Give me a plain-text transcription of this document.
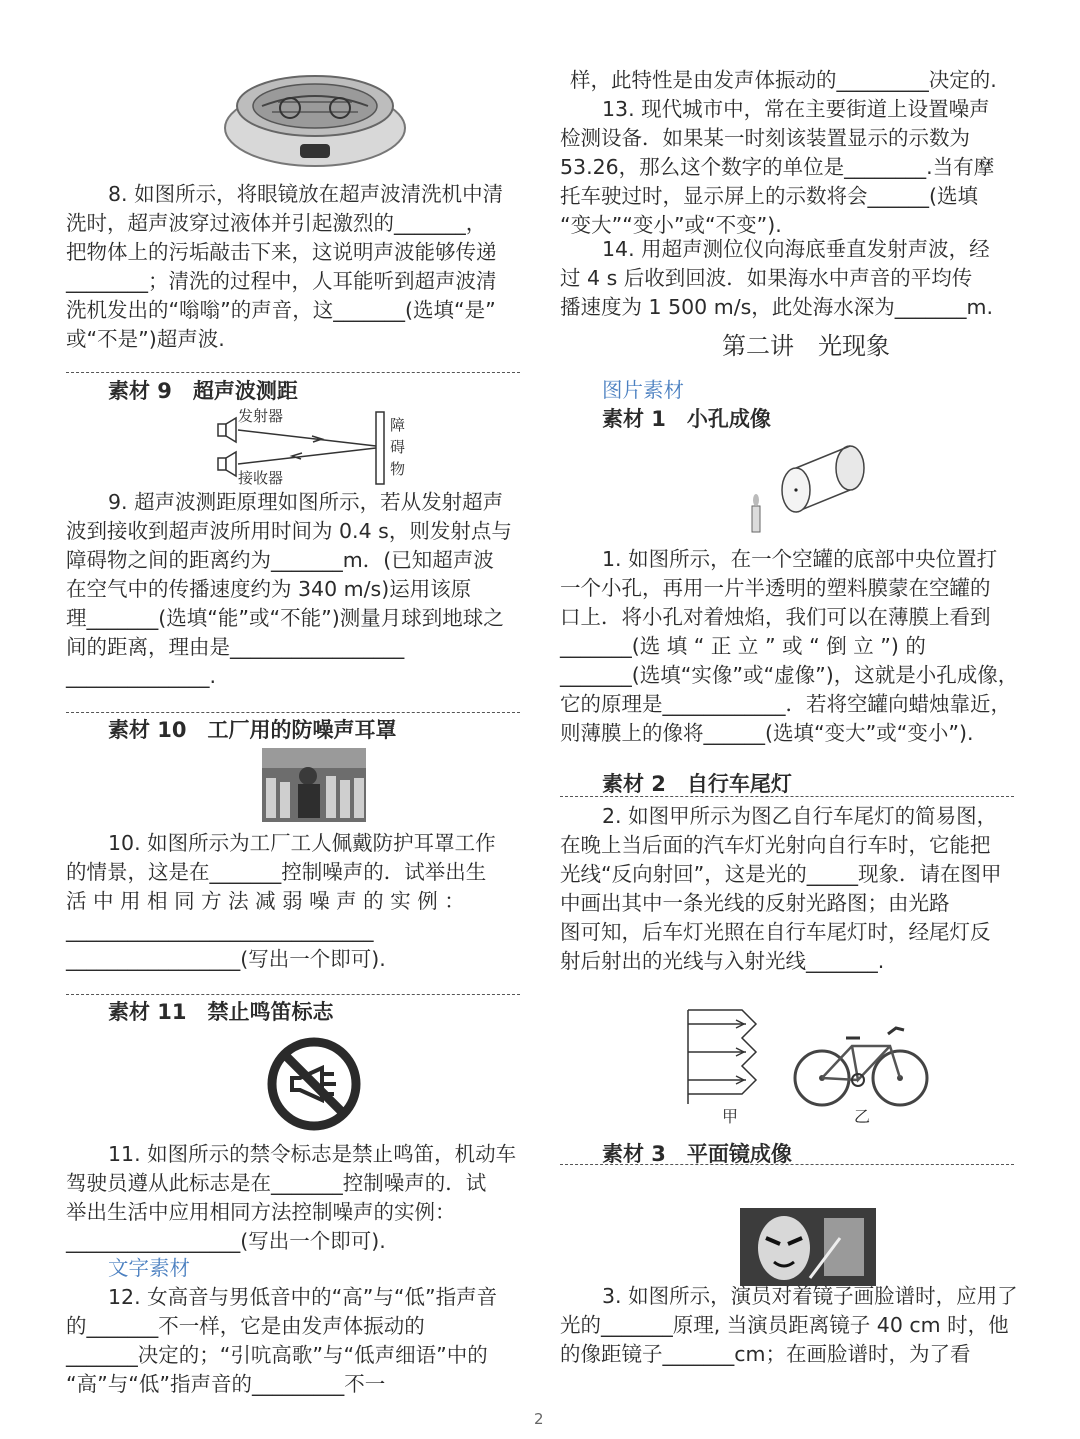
8. 如图所示，将眼镜放在超声波清洗机中清
洗时，超声波穿过液体并引起激烈的_______，
把物体上的污垢敲击下来，这说明声波能够传递
________；清洗的过程中，人耳能听到超声波清
洗机发出的“嗡嗡”的声音，这_______(选填“是”
或“不是”)超声波.
素材 9　超声波测距
发射器
接收器
障
碍
物
9. 超声波测距原理如图所示，若从发射超声
波到接收到超声波所用时间为 0.4 s，则发射点与
障碍物之间的距离约为_______m．(已知超声波
在空气中的传播速度约为 340 m/s)运用该原
理_______(选填“能”或“不能”)测量月球到地球之
间的距离，理由是_________________
______________.
素材 10　工厂用的防噪声耳罩
10. 如图所示为工厂工人佩戴防护耳罩工作
的情景，这是在_______控制噪声的．试举出生
活 中 用 相 同 方 法 减 弱 噪 声 的 实 例 ：
______________________________
_________________(写出一个即可).
素材 11　禁止鸣笛标志
11. 如图所示的禁令标志是禁止鸣笛，机动车
驾驶员遵从此标志是在_______控制噪声的．试
举出生活中应用相同方法控制噪声的实例：
_________________(写出一个即可).
文字素材
12. 女高音与男低音中的“高”与“低”指声音
的_______不一样，它是由发声体振动的
_______决定的；“引吭高歌”与“低声细语”中的
“高”与“低”指声音的_________不一
样，此特性是由发声体振动的_________决定的.
13. 现代城市中，常在主要街道上设置噪声
检测设备．如果某一时刻该装置显示的示数为
53.26，那么这个数字的单位是________.当有摩
托车驶过时，显示屏上的示数将会______(选填
“变大”“变小”或“不变”).
14. 用超声测位仪向海底垂直发射声波，经
过 4 s 后收到回波．如果海水中声音的平均传
播速度为 1 500 m/s，此处海水深为_______m.
第二讲　光现象
图片素材
素材 1　小孔成像
1. 如图所示，在一个空罐的底部中央位置打
一个小孔，再用一片半透明的塑料膜蒙在空罐的
口上．将小孔对着烛焰，我们可以在薄膜上看到
_______(选 填 “ 正 立 ” 或 “ 倒 立 ”) 的
_______(选填“实像”或“虚像”)，这就是小孔成像，
它的原理是____________．若将空罐向蜡烛靠近，
则薄膜上的像将______(选填“变大”或“变小”).
素材 2　自行车尾灯
2. 如图甲所示为图乙自行车尾灯的简易图，
在晚上当后面的汽车灯光射向自行车时，它能把
光线“反向射回”，这是光的_____现象．请在图甲
中画出其中一条光线的反射光路图；由光路
图可知，后车灯光照在自行车尾灯时，经尾灯反
射后射出的光线与入射光线_______.
甲	乙
素材 3　平面镜成像
3. 如图所示，演员对着镜子画脸谱时，应用了
光的_______原理, 当演员距离镜子 40 cm 时，他
的像距镜子_______cm；在画脸谱时，为了看
2
